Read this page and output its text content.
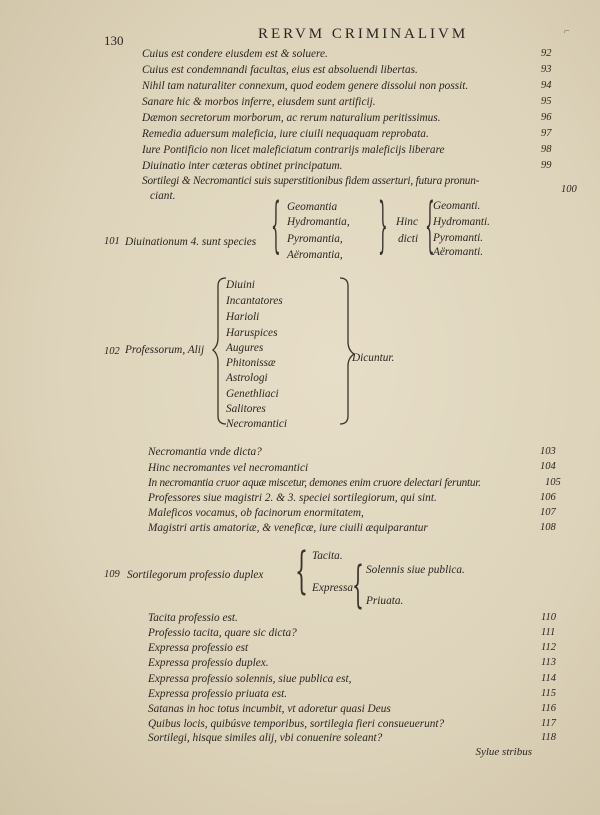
130	RERVM CRIMINALIVM	⌐
Cuius est condere eiusdem est & soluere.	92
Cuius est condemnandi facultas, eius est absoluendi libertas.	93
Nihil tam naturaliter connexum, quod eodem genere dissolui non possit.	94
Sanare hic & morbos inferre, eiusdem sunt artificij.	95
Dæmon secretorum morborum, ac rerum naturalium peritissimus.	96
Remedia aduersum maleficia, iure ciuili nequaquam reprobata.	97
Iure Pontificio non licet maleficiatum contrarijs maleficijs liberare	98
Diuinatio inter cæteras obtinet principatum.	99
Sortilegi & Necromantici suis superstitionibus fidem asserturi, futura pronun-
ciant.
100
101 Diuinationum 4. sunt species { Geomantia
Hydromantia,
Pyromantia,
Aëromantia, } Hinc
dicti {
Geomanti.
Hydromanti.
Pyromanti.
Aëromanti.
102 Professorum, Alij
Diuini
Incantatores
Harioli
Haruspices
Augures
Phitonissæ
Astrologi
Genethliaci
Salitores
Necromantici
Dicuntur.
Necromantia vnde dicta?	103
Hinc necromantes vel necromantici	104
In necromantia cruor aquæ miscetur, demones enim cruore delectari feruntur.	105
Professores siue magistri 2. & 3. speciei sortilegiorum, qui sint.	106
Maleficos vocamus, ob facinorum enormitatem,	107
Magistri artis amatoriæ, & veneficæ, iure ciuili æquiparantur	108
109 Sortilegorum professio duplex { Tacita.
Expressa { Solennis siue publica.
Priuata.
Tacita professio est.	110
Professio tacita, quare sic dicta?	111
Expressa professio est	112
Expressa professio duplex.	113
Expressa professio solennis, siue publica est,	114
Expressa professio priuata est.	115
Satanas in hoc totus incumbit, vt adoretur quasi Deus	116
Quibus locis, quibúsve temporibus, sortilegia fieri consueuerunt?	117
Sortilegi, hisque similes alij, vbi conuenire soleant?	118
Sylue stribus
